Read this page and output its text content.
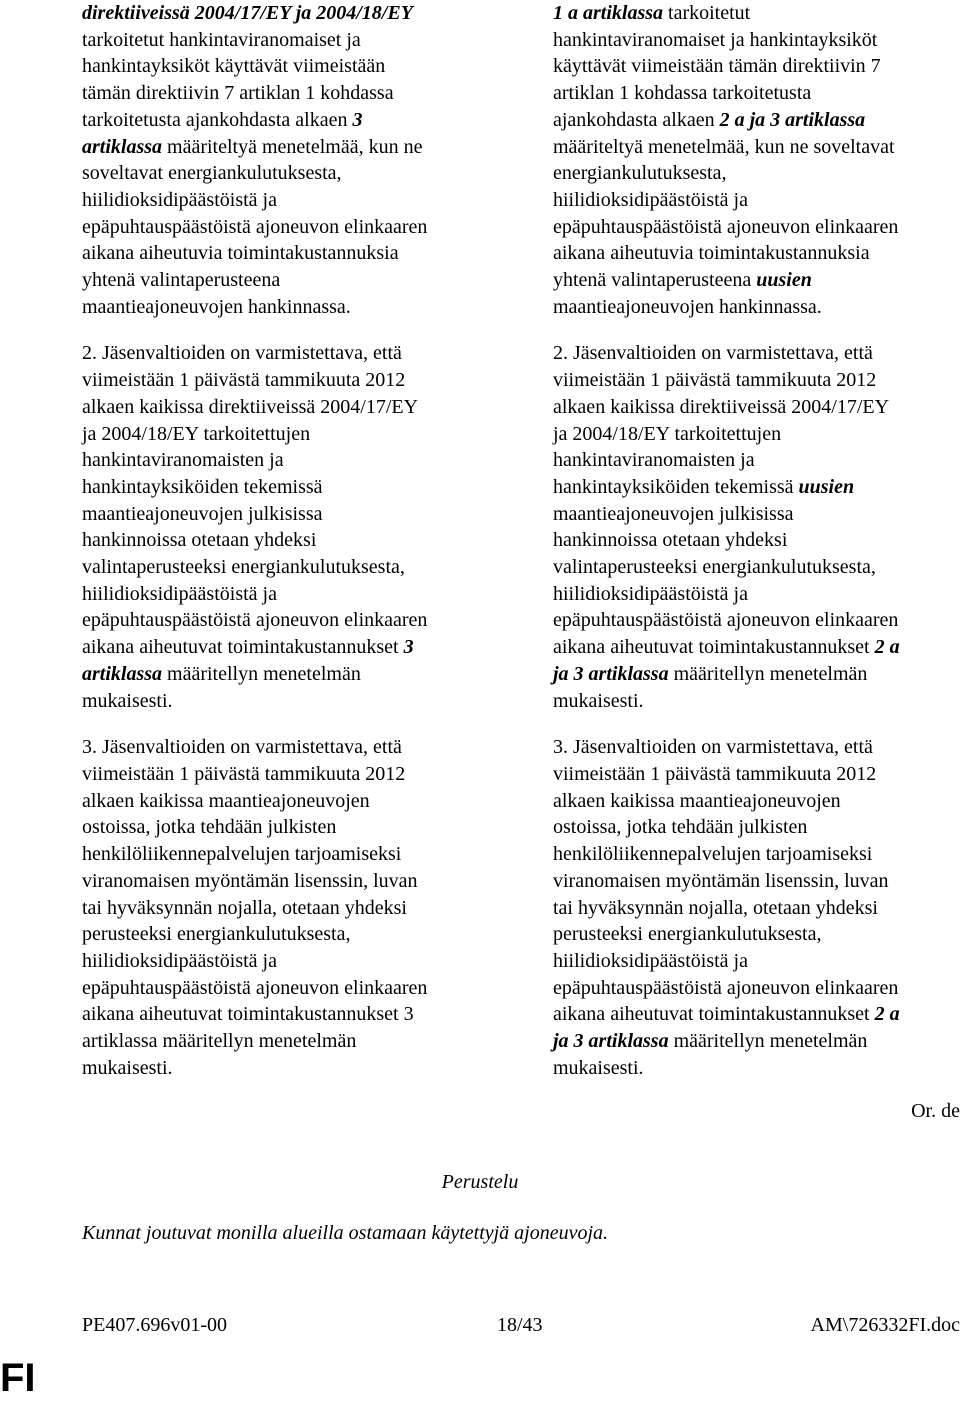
direktiiveissä 2004/17/EY ja 2004/18/EY
tarkoitetut hankintaviranomaiset ja
hankintayksiköt käyttävät viimeistään
tämän direktiivin 7 artiklan 1 kohdassa
tarkoitetusta ajankohdasta alkaen 3
artiklassa määriteltyä menetelmää, kun ne
soveltavat energiankulutuksesta,
hiilidioksidipäästöistä ja
epäpuhtauspäästöistä ajoneuvon elinkaaren
aikana aiheutuvia toimintakustannuksia
yhtenä valintaperusteena
maantieajoneuvojen hankinnassa.

2. Jäsenvaltioiden on varmistettava, että
viimeistään 1 päivästä tammikuuta 2012
alkaen kaikissa direktiiveissä 2004/17/EY
ja 2004/18/EY tarkoitettujen
hankintaviranomaisten ja
hankintayksiköiden tekemissä
maantieajoneuvojen julkisissa
hankinnoissa otetaan yhdeksi
valintaperusteeksi energiankulutuksesta,
hiilidioksidipäästöistä ja
epäpuhtauspäästöistä ajoneuvon elinkaaren
aikana aiheutuvat toimintakustannukset 3
artiklassa määritellyn menetelmän
mukaisesti.

3. Jäsenvaltioiden on varmistettava, että
viimeistään 1 päivästä tammikuuta 2012
alkaen kaikissa maantieajoneuvojen
ostoissa, jotka tehdään julkisten
henkilöliikennepalvelujen tarjoamiseksi
viranomaisen myöntämän lisenssin, luvan
tai hyväksynnän nojalla, otetaan yhdeksi
perusteeksi energiankulutuksesta,
hiilidioksidipäästöistä ja
epäpuhtauspäästöistä ajoneuvon elinkaaren
aikana aiheutuvat toimintakustannukset 3
artiklassa määritellyn menetelmän
mukaisesti.

1 a artiklassa tarkoitetut
hankintaviranomaiset ja hankintayksiköt
käyttävät viimeistään tämän direktiivin 7
artiklan 1 kohdassa tarkoitetusta
ajankohdasta alkaen 2 a ja 3 artiklassa
määriteltyä menetelmää, kun ne soveltavat
energiankulutuksesta,
hiilidioksidipäästöistä ja
epäpuhtauspäästöistä ajoneuvon elinkaaren
aikana aiheutuvia toimintakustannuksia
yhtenä valintaperusteena uusien
maantieajoneuvojen hankinnassa.

2. Jäsenvaltioiden on varmistettava, että
viimeistään 1 päivästä tammikuuta 2012
alkaen kaikissa direktiiveissä 2004/17/EY
ja 2004/18/EY tarkoitettujen
hankintaviranomaisten ja
hankintayksiköiden tekemissä uusien
maantieajoneuvojen julkisissa
hankinnoissa otetaan yhdeksi
valintaperusteeksi energiankulutuksesta,
hiilidioksidipäästöistä ja
epäpuhtauspäästöistä ajoneuvon elinkaaren
aikana aiheutuvat toimintakustannukset 2 a
ja 3 artiklassa määritellyn menetelmän
mukaisesti.

3. Jäsenvaltioiden on varmistettava, että
viimeistään 1 päivästä tammikuuta 2012
alkaen kaikissa maantieajoneuvojen
ostoissa, jotka tehdään julkisten
henkilöliikennepalvelujen tarjoamiseksi
viranomaisen myöntämän lisenssin, luvan
tai hyväksynnän nojalla, otetaan yhdeksi
perusteeksi energiankulutuksesta,
hiilidioksidipäästöistä ja
epäpuhtauspäästöistä ajoneuvon elinkaaren
aikana aiheutuvat toimintakustannukset 2 a
ja 3 artiklassa määritellyn menetelmän
mukaisesti.

Or. de
Perustelu
Kunnat joutuvat monilla alueilla ostamaan käytettyjä ajoneuvoja.
PE407.696v01-00	18/43	AM\726332FI.doc
FI
